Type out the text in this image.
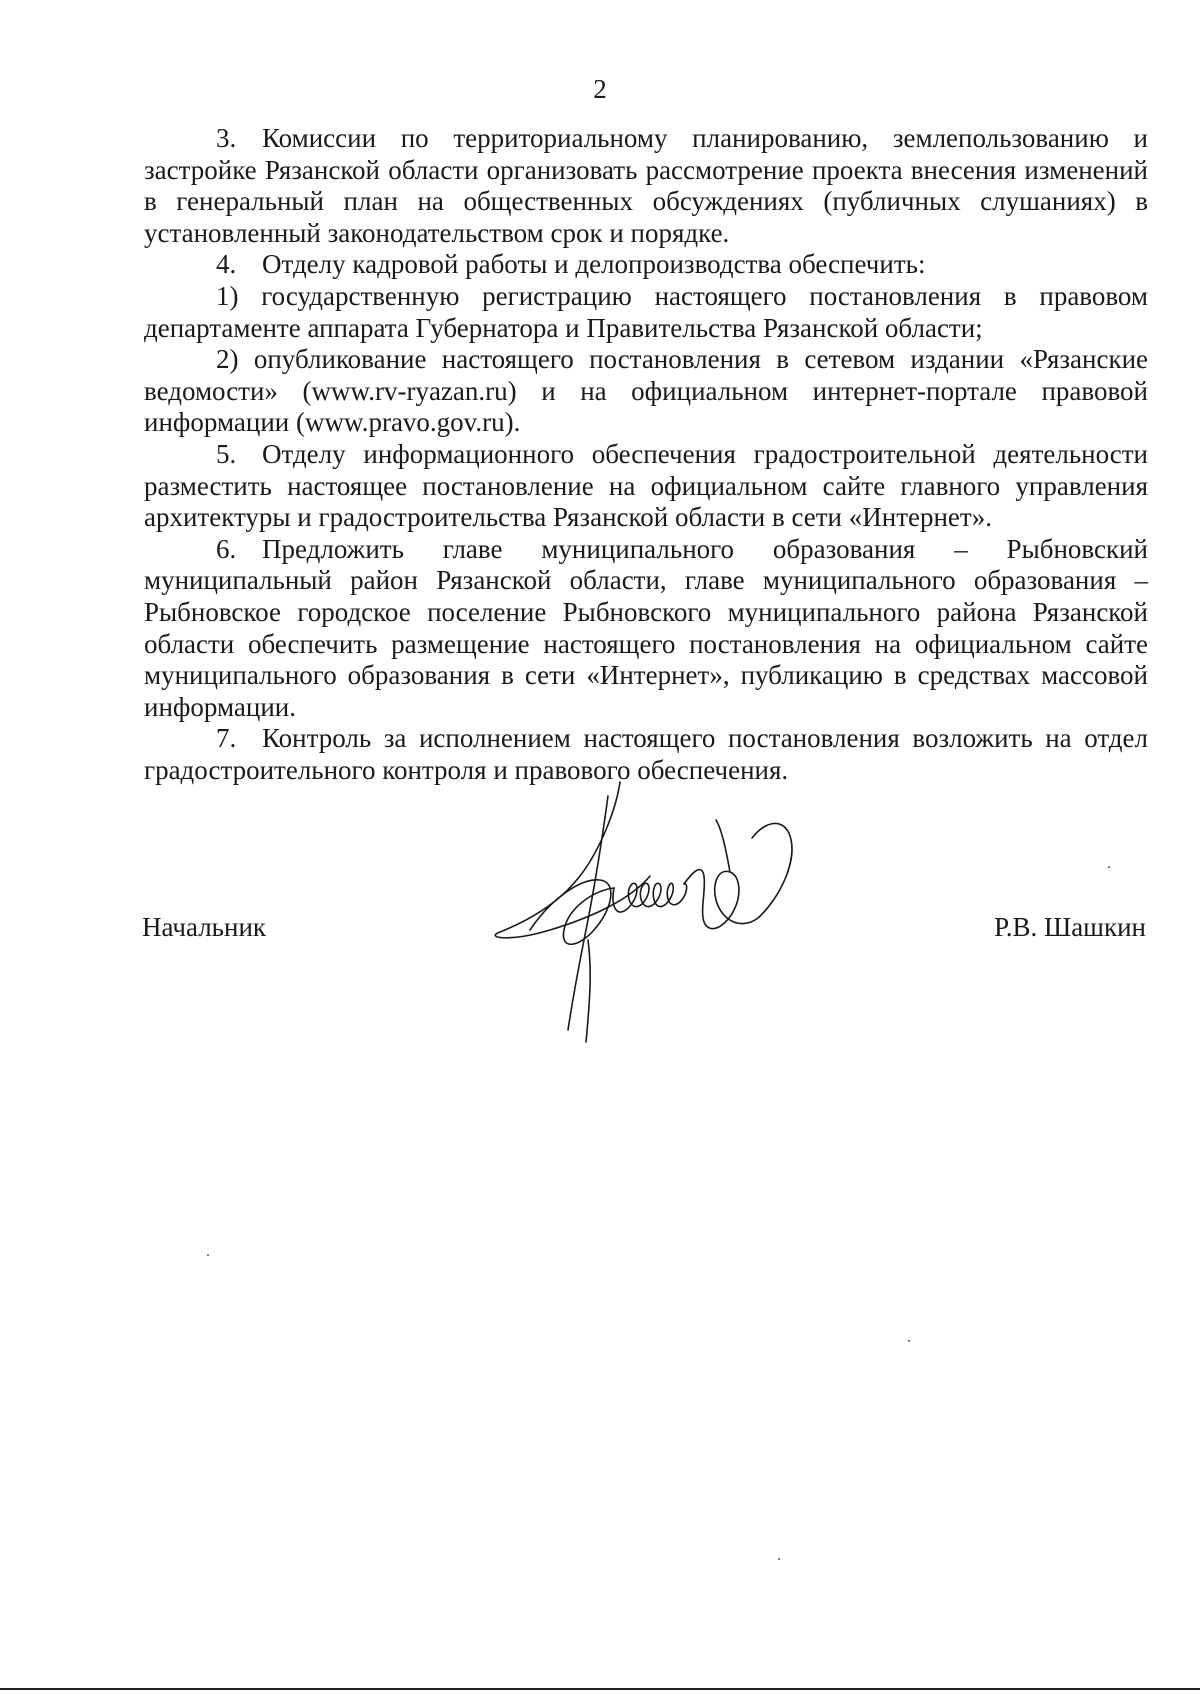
2

3. Комиссии по территориальному планированию, землепользованию и застройке Рязанской области организовать рассмотрение проекта внесения изменений в генеральный план на общественных обсуждениях (публичных слушаниях) в установленный законодательством срок и порядке.

4. Отделу кадровой работы и делопроизводства обеспечить:

1) государственную регистрацию настоящего постановления в правовом департаменте аппарата Губернатора и Правительства Рязанской области;

2) опубликование настоящего постановления в сетевом издании «Рязанские ведомости» (www.rv-ryazan.ru) и на официальном интернет-портале правовой информации (www.pravo.gov.ru).

5. Отделу информационного обеспечения градостроительной деятельности разместить настоящее постановление на официальном сайте главного управления архитектуры и градостроительства Рязанской области в сети «Интернет».

6. Предложить главе муниципального образования – Рыбновский муниципальный район Рязанской области, главе муниципального образования – Рыбновское городское поселение Рыбновского муниципального района Рязанской области обеспечить размещение настоящего постановления на официальном сайте муниципального образования в сети «Интернет», публикацию в средствах массовой информации.

7. Контроль за исполнением настоящего постановления возложить на отдел градостроительного контроля и правового обеспечения.

Начальник	Р.В. Шашкин
